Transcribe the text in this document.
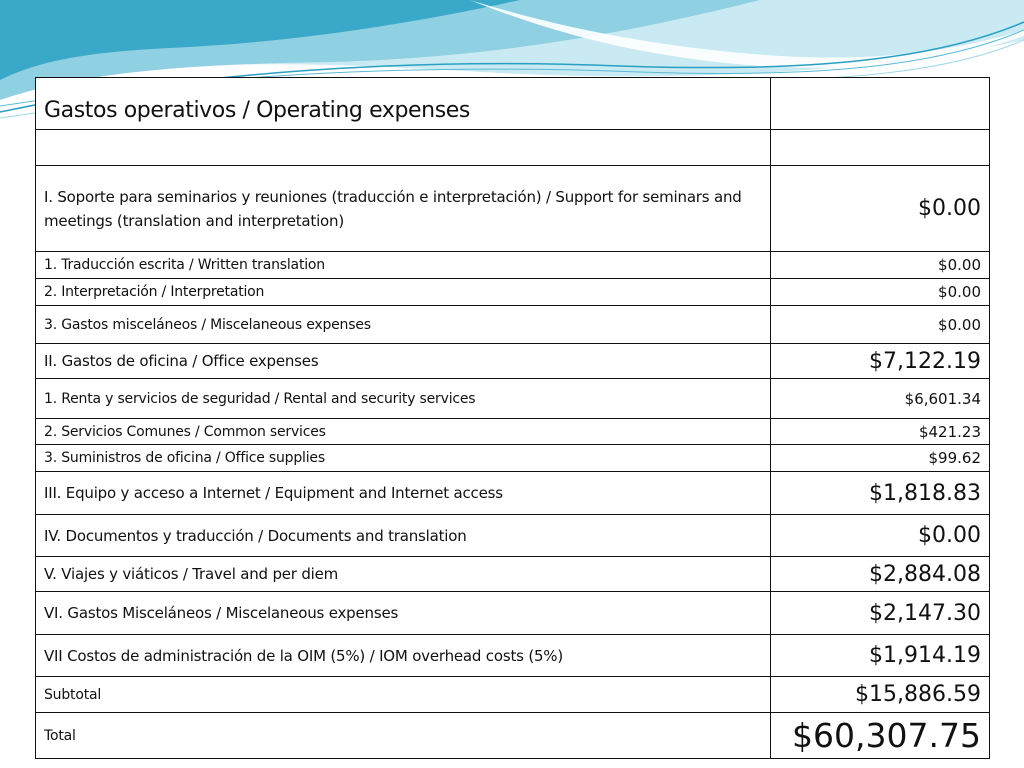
Gastos operativos / Operating expenses	

I. Soporte para seminarios y reuniones (traducción e interpretación) / Support for seminars and meetings (translation and interpretation)	$0.00
1. Traducción escrita / Written translation	$0.00
2. Interpretación / Interpretation	$0.00
3. Gastos misceláneos / Miscelaneous expenses	$0.00
II. Gastos de oficina / Office expenses	$7,122.19
1. Renta y servicios de seguridad / Rental and security services	$6,601.34
2. Servicios Comunes / Common services	$421.23
3. Suministros de oficina / Office supplies	$99.62
III. Equipo y acceso a Internet / Equipment and Internet access	$1,818.83
IV. Documentos y traducción / Documents and translation	$0.00
V. Viajes y viáticos / Travel and per diem	$2,884.08
VI. Gastos Misceláneos / Miscelaneous expenses	$2,147.30
VII Costos de administración de la OIM (5%) / IOM overhead costs (5%)	$1,914.19
Subtotal	$15,886.59
Total	$60,307.75
